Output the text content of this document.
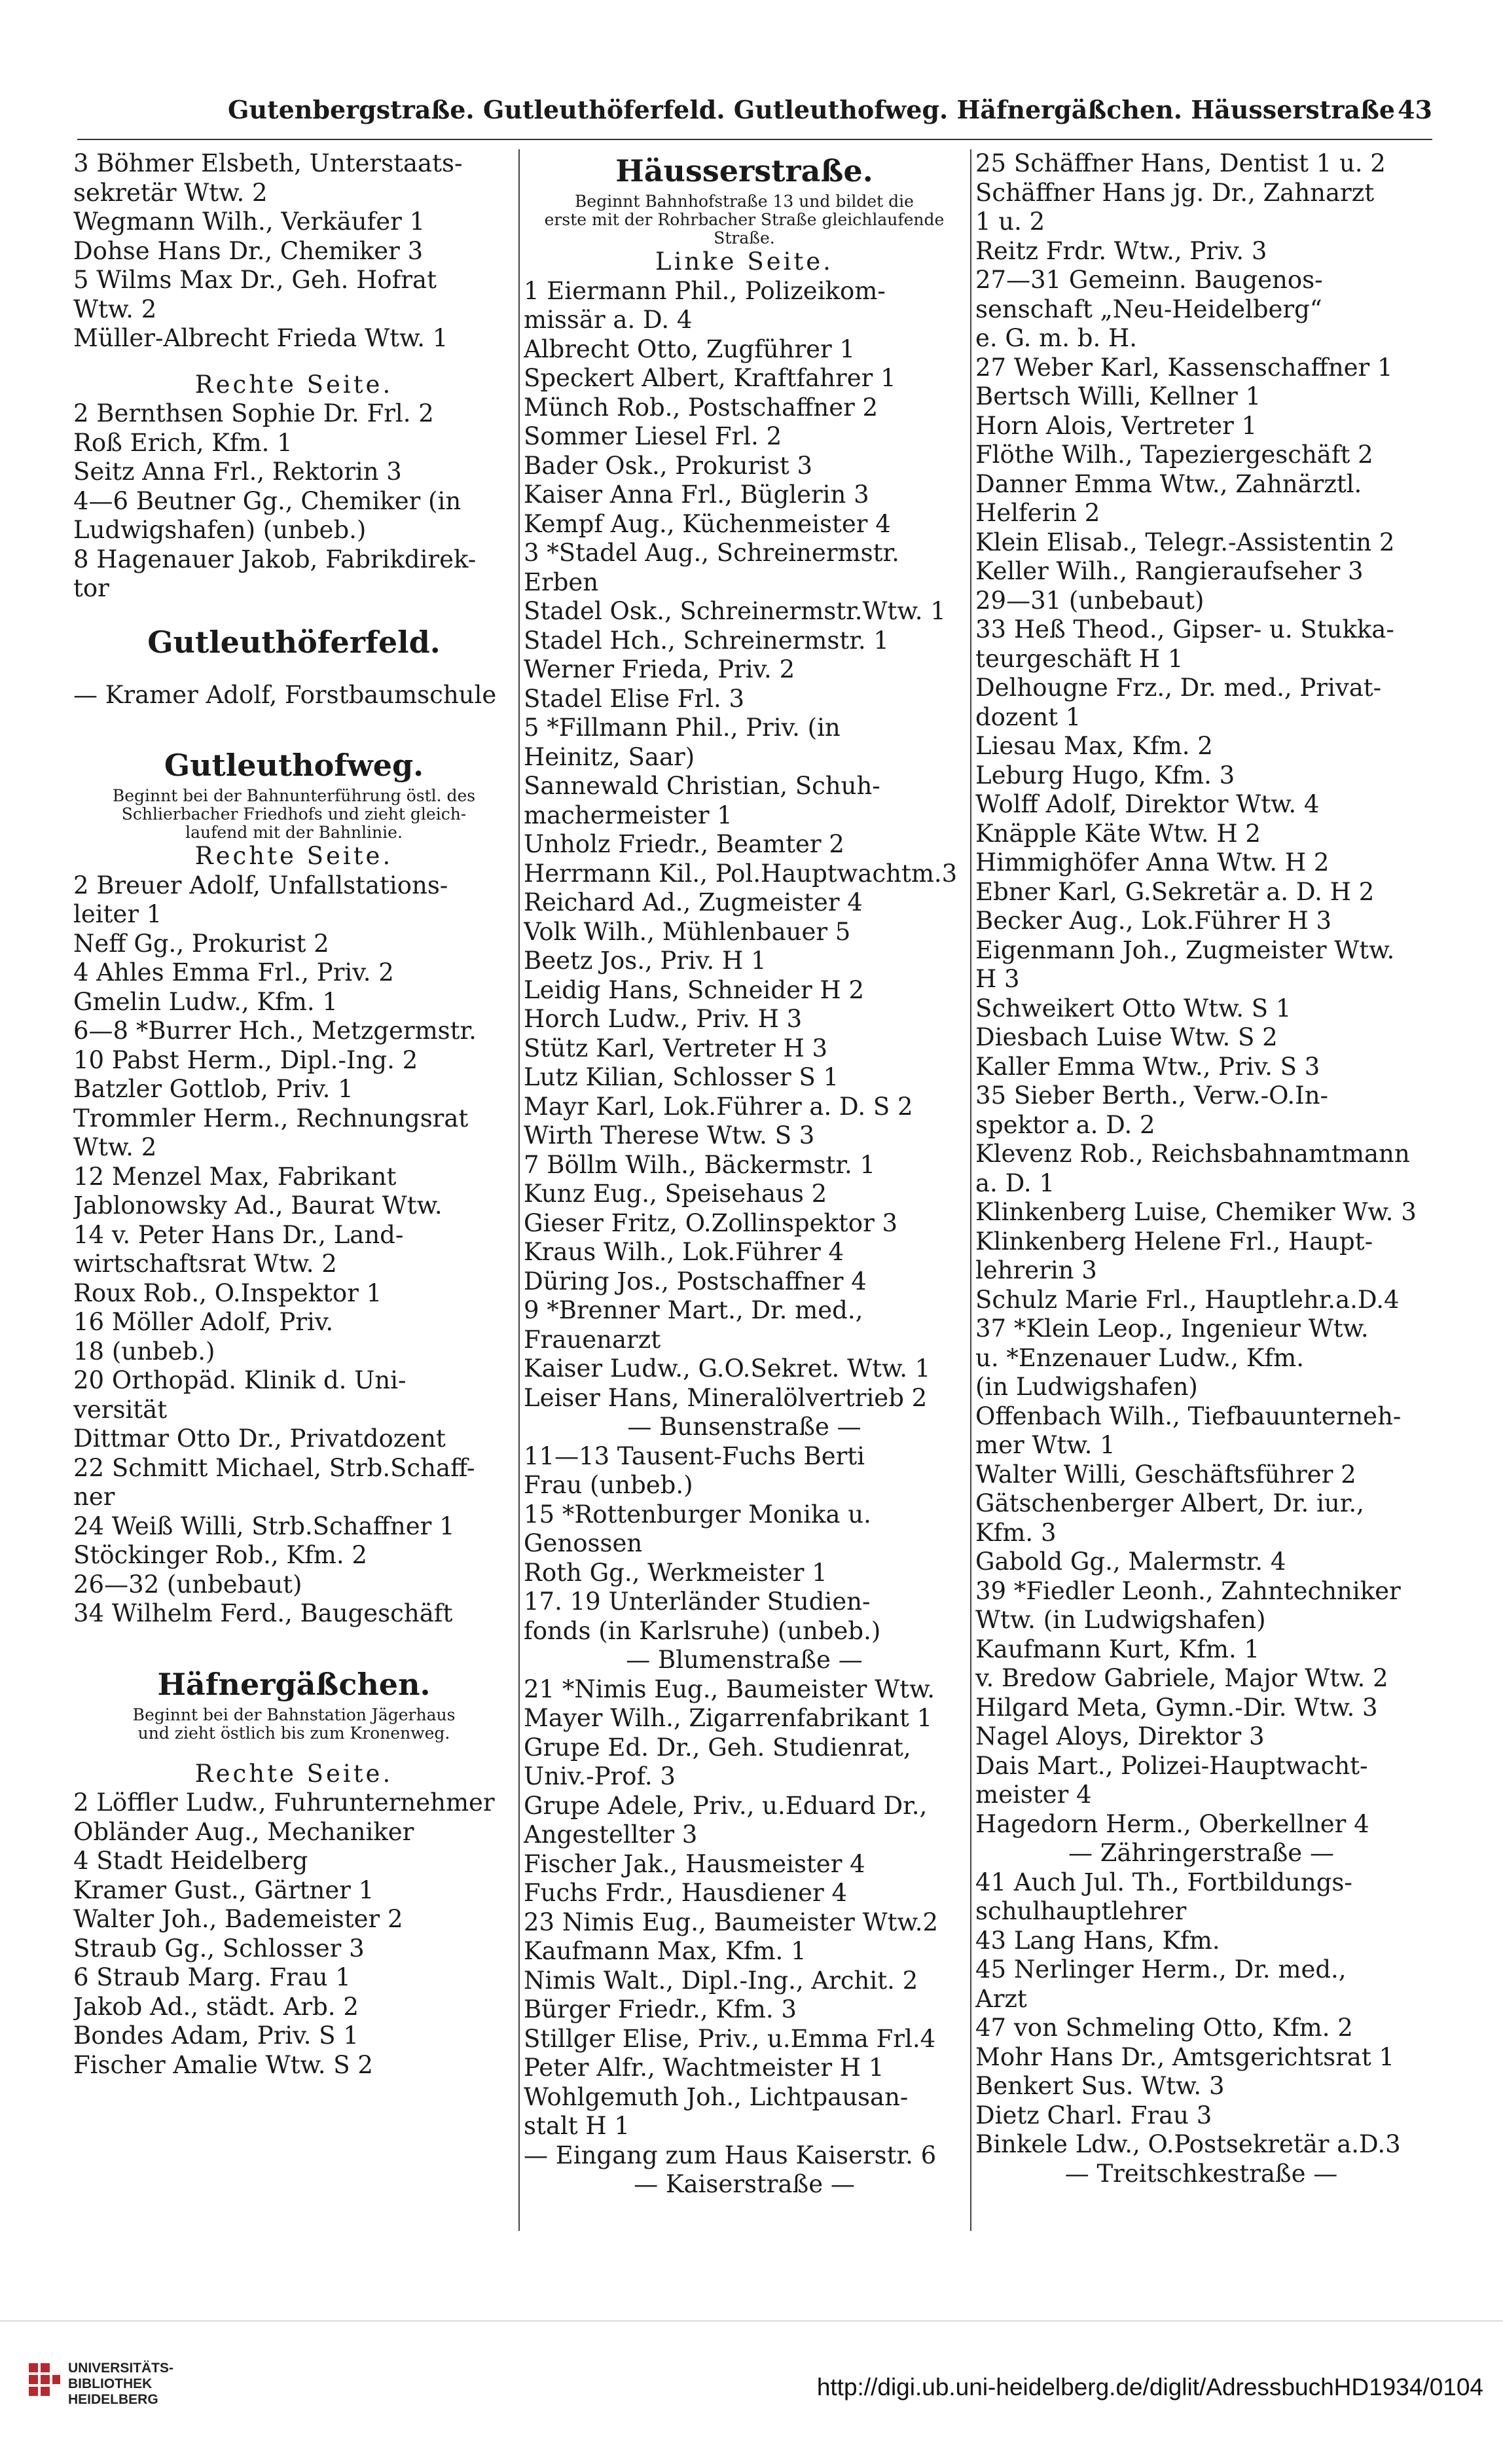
Gutenbergstraße. Gutleuthöferfeld. Gutleuthofweg. Häfnergäßchen. Häusserstraße 43
3 Böhmer Elsbeth, Unterstaats-
sekretär Wtw. 2
Wegmann Wilh., Verkäufer 1
Dohse Hans Dr., Chemiker 3
5 Wilms Max Dr., Geh. Hofrat
Wtw. 2
Müller-Albrecht Frieda Wtw. 1
Rechte Seite.
2 Bernthsen Sophie Dr. Frl. 2
Roß Erich, Kfm. 1
Seitz Anna Frl., Rektorin 3
4—6 Beutner Gg., Chemiker (in
Ludwigshafen) (unbeb.)
8 Hagenauer Jakob, Fabrikdirek-
tor
Gutleuthöferfeld.
— Kramer Adolf, Forstbaumschule
Gutleuthofweg.
Beginnt bei der Bahnunterführung östl. des
Schlierbacher Friedhofs und zieht gleich-
laufend mit der Bahnlinie.
Rechte Seite.
2 Breuer Adolf, Unfallstations-
leiter 1
Neff Gg., Prokurist 2
4 Ahles Emma Frl., Priv. 2
Gmelin Ludw., Kfm. 1
6—8 *Burrer Hch., Metzgermstr.
10 Pabst Herm., Dipl.-Ing. 2
Batzler Gottlob, Priv. 1
Trommler Herm., Rechnungsrat
Wtw. 2
12 Menzel Max, Fabrikant
Jablonowsky Ad., Baurat Wtw.
14 v. Peter Hans Dr., Land-
wirtschaftsrat Wtw. 2
Roux Rob., O.Inspektor 1
16 Möller Adolf, Priv.
18 (unbeb.)
20 Orthopäd. Klinik d. Uni-
versität
Dittmar Otto Dr., Privatdozent
22 Schmitt Michael, Strb.Schaff-
ner
24 Weiß Willi, Strb.Schaffner 1
Stöckinger Rob., Kfm. 2
26—32 (unbebaut)
34 Wilhelm Ferd., Baugeschäft
Häfnergäßchen.
Beginnt bei der Bahnstation Jägerhaus
und zieht östlich bis zum Kronenweg.
Rechte Seite.
2 Löffler Ludw., Fuhrunternehmer
Obländer Aug., Mechaniker
4 Stadt Heidelberg
Kramer Gust., Gärtner 1
Walter Joh., Bademeister 2
Straub Gg., Schlosser 3
6 Straub Marg. Frau 1
Jakob Ad., städt. Arb. 2
Bondes Adam, Priv. S 1
Fischer Amalie Wtw. S 2
Häusserstraße.
Beginnt Bahnhofstraße 13 und bildet die
erste mit der Rohrbacher Straße gleichlaufende
Straße.
Linke Seite.
1 Eiermann Phil., Polizeikom-
missär a. D. 4
Albrecht Otto, Zugführer 1
Speckert Albert, Kraftfahrer 1
Münch Rob., Postschaffner 2
Sommer Liesel Frl. 2
Bader Osk., Prokurist 3
Kaiser Anna Frl., Büglerin 3
Kempf Aug., Küchenmeister 4
3 *Stadel Aug., Schreinermstr.
Erben
Stadel Osk., Schreinermstr.Wtw. 1
Stadel Hch., Schreinermstr. 1
Werner Frieda, Priv. 2
Stadel Elise Frl. 3
5 *Fillmann Phil., Priv. (in
Heinitz, Saar)
Sannewald Christian, Schuh-
machermeister 1
Unholz Friedr., Beamter 2
Herrmann Kil., Pol.Hauptwachtm.3
Reichard Ad., Zugmeister 4
Volk Wilh., Mühlenbauer 5
Beetz Jos., Priv. H 1
Leidig Hans, Schneider H 2
Horch Ludw., Priv. H 3
Stütz Karl, Vertreter H 3
Lutz Kilian, Schlosser S 1
Mayr Karl, Lok.Führer a. D. S 2
Wirth Therese Wtw. S 3
7 Böllm Wilh., Bäckermstr. 1
Kunz Eug., Speisehaus 2
Gieser Fritz, O.Zollinspektor 3
Kraus Wilh., Lok.Führer 4
Düring Jos., Postschaffner 4
9 *Brenner Mart., Dr. med.,
Frauenarzt
Kaiser Ludw., G.O.Sekret. Wtw. 1
Leiser Hans, Mineralölvertrieb 2
— Bunsenstraße —
11—13 Tausent-Fuchs Berti
Frau (unbeb.)
15 *Rottenburger Monika u.
Genossen
Roth Gg., Werkmeister 1
17. 19 Unterländer Studien-
fonds (in Karlsruhe) (unbeb.)
— Blumenstraße —
21 *Nimis Eug., Baumeister Wtw.
Mayer Wilh., Zigarrenfabrikant 1
Grupe Ed. Dr., Geh. Studienrat,
Univ.-Prof. 3
Grupe Adele, Priv., u.Eduard Dr.,
Angestellter 3
Fischer Jak., Hausmeister 4
Fuchs Frdr., Hausdiener 4
23 Nimis Eug., Baumeister Wtw.2
Kaufmann Max, Kfm. 1
Nimis Walt., Dipl.-Ing., Archit. 2
Bürger Friedr., Kfm. 3
Stillger Elise, Priv., u.Emma Frl.4
Peter Alfr., Wachtmeister H 1
Wohlgemuth Joh., Lichtpausan-
stalt H 1
— Eingang zum Haus Kaiserstr. 6
— Kaiserstraße —
25 Schäffner Hans, Dentist 1 u. 2
Schäffner Hans jg. Dr., Zahnarzt
1 u. 2
Reitz Frdr. Wtw., Priv. 3
27—31 Gemeinn. Baugenos-
senschaft „Neu-Heidelberg“
e. G. m. b. H.
27 Weber Karl, Kassenschaffner 1
Bertsch Willi, Kellner 1
Horn Alois, Vertreter 1
Flöthe Wilh., Tapeziergeschäft 2
Danner Emma Wtw., Zahnärztl.
Helferin 2
Klein Elisab., Telegr.-Assistentin 2
Keller Wilh., Rangieraufseher 3
29—31 (unbebaut)
33 Heß Theod., Gipser- u. Stukka-
teurgeschäft H 1
Delhougne Frz., Dr. med., Privat-
dozent 1
Liesau Max, Kfm. 2
Leburg Hugo, Kfm. 3
Wolff Adolf, Direktor Wtw. 4
Knäpple Käte Wtw. H 2
Himmighöfer Anna Wtw. H 2
Ebner Karl, G.Sekretär a. D. H 2
Becker Aug., Lok.Führer H 3
Eigenmann Joh., Zugmeister Wtw.
H 3
Schweikert Otto Wtw. S 1
Diesbach Luise Wtw. S 2
Kaller Emma Wtw., Priv. S 3
35 Sieber Berth., Verw.-O.In-
spektor a. D. 2
Klevenz Rob., Reichsbahnamtmann
a. D. 1
Klinkenberg Luise, Chemiker Ww. 3
Klinkenberg Helene Frl., Haupt-
lehrerin 3
Schulz Marie Frl., Hauptlehr.a.D.4
37 *Klein Leop., Ingenieur Wtw.
u. *Enzenauer Ludw., Kfm.
(in Ludwigshafen)
Offenbach Wilh., Tiefbauunterneh-
mer Wtw. 1
Walter Willi, Geschäftsführer 2
Gätschenberger Albert, Dr. iur.,
Kfm. 3
Gabold Gg., Malermstr. 4
39 *Fiedler Leonh., Zahntechniker
Wtw. (in Ludwigshafen)
Kaufmann Kurt, Kfm. 1
v. Bredow Gabriele, Major Wtw. 2
Hilgard Meta, Gymn.-Dir. Wtw. 3
Nagel Aloys, Direktor 3
Dais Mart., Polizei-Hauptwacht-
meister 4
Hagedorn Herm., Oberkellner 4
— Zähringerstraße —
41 Auch Jul. Th., Fortbildungs-
schulhauptlehrer
43 Lang Hans, Kfm.
45 Nerlinger Herm., Dr. med.,
Arzt
47 von Schmeling Otto, Kfm. 2
Mohr Hans Dr., Amtsgerichtsrat 1
Benkert Sus. Wtw. 3
Dietz Charl. Frau 3
Binkele Ldw., O.Postsekretär a.D.3
— Treitschkestraße —
UNIVERSITÄTS-
BIBLIOTHEK
HEIDELBERG	http://digi.ub.uni-heidelberg.de/diglit/AdressbuchHD1934/0104
